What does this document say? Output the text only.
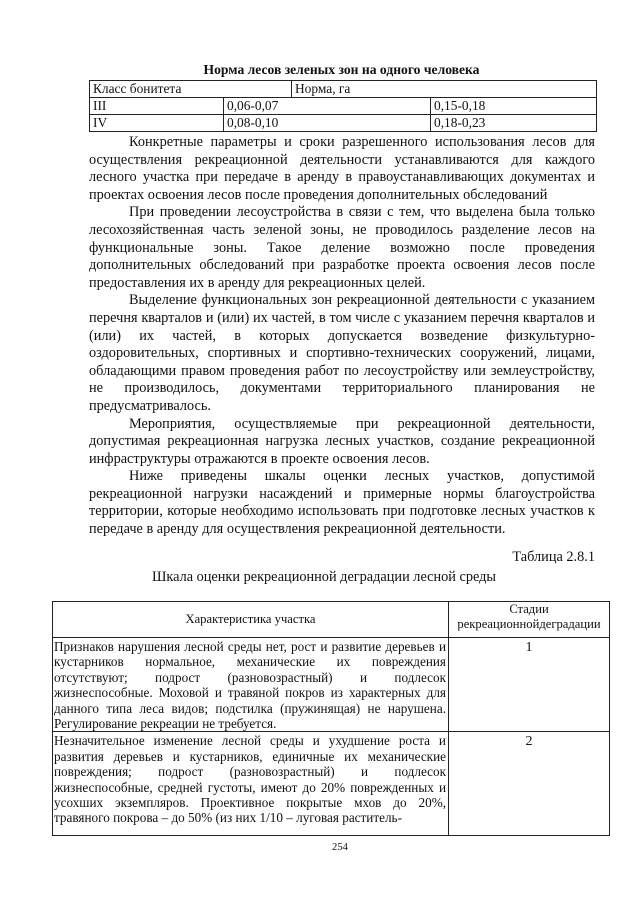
Норма лесов зеленых зон на одного человека
Класс бонитета		Норма, га	
III	0,06-0,07		0,15-0,18
IV	0,08-0,10		0,18-0,23

Конкретные параметры и сроки разрешенного использования лесов для осуществления рекреационной деятельности устанавливаются для каждого лесного участка при передаче в аренду в правоустанавливающих документах и проектах освоения лесов после проведения дополнительных обследований

При проведении лесоустройства в связи с тем, что выделена была только лесохозяйственная часть зеленой зоны, не проводилось разделение лесов на функциональные зоны. Такое деление возможно после проведения дополнительных обследований при разработке проекта освоения лесов после предоставления их в аренду для рекреационных целей.

Выделение функциональных зон рекреационной деятельности с указанием перечня кварталов и (или) их частей, в том числе с указанием перечня кварталов и (или) их частей, в которых допускается возведение физкультурно-оздоровительных, спортивных и спортивно-технических сооружений, лицами, обладающими правом проведения работ по лесоустройству или землеустройству, не производилось, документами территориального планирования не предусматривалось.

Мероприятия, осуществляемые при рекреационной деятельности, допустимая рекреационная нагрузка лесных участков, создание рекреационной инфраструктуры отражаются в проекте освоения лесов.

Ниже приведены шкалы оценки лесных участков, допустимой рекреационной нагрузки насаждений и примерные нормы благоустройства территории, которые необходимо использовать при подготовке лесных участков к передаче в аренду для осуществления рекреационной деятельности.

Таблица 2.8.1
Шкала оценки рекреационной деградации лесной среды
Характеристика участка	Стадии рекреационнойдеградации
Признаков нарушения лесной среды нет, рост и развитие деревьев и кустарников нормальное, механические их повреждения отсутствуют; подрост (разновозрастный) и подлесок жизнеспособные. Моховой и травяной покров из характерных для данного типа леса видов; подстилка (пружинящая) не нарушена. Регулирование рекреации не требуется.	1

Незначительное изменение лесной среды и ухудшение роста и развития деревьев и кустарников, единичные их механические повреждения; подрост (разновозрастный) и подлесок жизнеспособные, средней густоты, имеют до 20% поврежденных и усохших экземпляров. Проективное покрытые мхов до 20%, травяного покрова – до 50% (из них 1/10 – луговая раститель-	2
254
